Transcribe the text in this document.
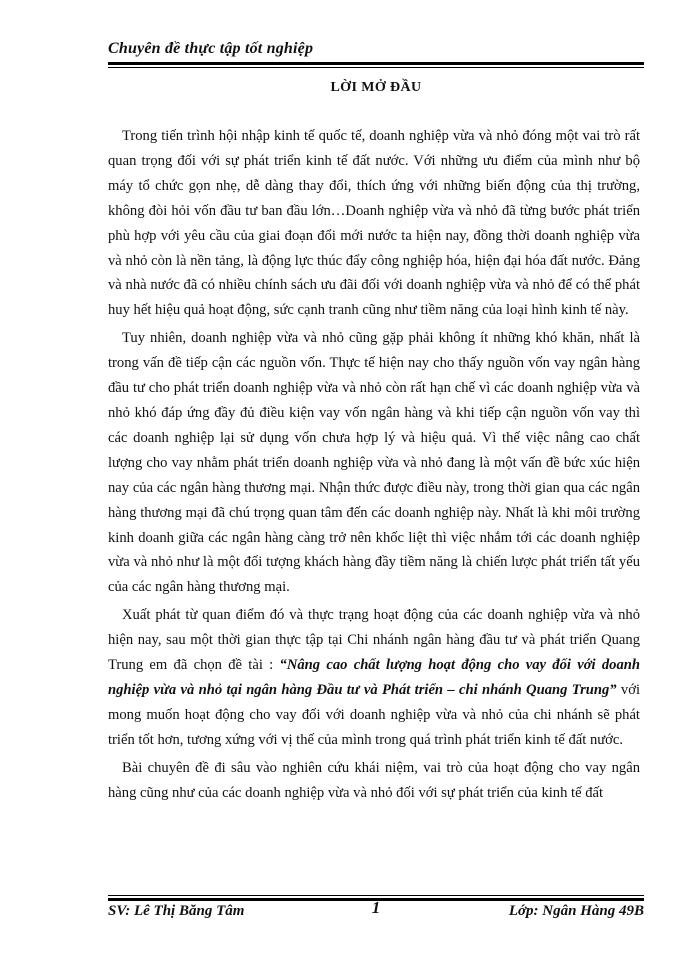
Chuyên đề thực tập tốt nghiệp
LỜI MỞ ĐẦU

Trong tiến trình hội nhập kinh tế quốc tế, doanh nghiệp vừa và nhỏ đóng một vai trò rất quan trọng đối với sự phát triển kinh tế đất nước. Với những ưu điểm của mình như bộ máy tổ chức gọn nhẹ, dễ dàng thay đổi, thích ứng với những biến động của thị trường, không đòi hỏi vốn đầu tư ban đầu lớn…Doanh nghiệp vừa và nhỏ đã từng bước phát triển phù hợp với yêu cầu của giai đoạn đổi mới nước ta hiện nay, đồng thời doanh nghiệp vừa và nhỏ còn là nền tảng, là động lực thúc đẩy công nghiệp hóa, hiện đại hóa đất nước. Đảng và nhà nước đã có nhiều chính sách ưu đãi đối với doanh nghiệp vừa và nhỏ để có thể phát huy hết hiệu quả hoạt động, sức cạnh tranh cũng như tiềm năng của loại hình kinh tế này.

Tuy nhiên, doanh nghiệp vừa và nhỏ cũng gặp phải không ít những khó khăn, nhất là trong vấn đề tiếp cận các nguồn vốn. Thực tế hiện nay cho thấy nguồn vốn vay ngân hàng đầu tư cho phát triển doanh nghiệp vừa và nhỏ còn rất hạn chế vì các doanh nghiệp vừa và nhỏ khó đáp ứng đầy đủ điều kiện vay vốn ngân hàng và khi tiếp cận nguồn vốn vay thì các doanh nghiệp lại sử dụng vốn chưa hợp lý và hiệu quả. Vì thế việc nâng cao chất lượng cho vay nhằm phát triển doanh nghiệp vừa và nhỏ đang là một vấn đề bức xúc hiện nay của các ngân hàng thương mại. Nhận thức được điều này, trong thời gian qua các ngân hàng thương mại đã chú trọng quan tâm đến các doanh nghiệp này. Nhất là khi môi trường kinh doanh giữa các ngân hàng càng trở nên khốc liệt thì việc nhắm tới các doanh nghiệp vừa và nhỏ như là một đối tượng khách hàng đầy tiềm năng là chiến lược phát triển tất yếu của các ngân hàng thương mại.

Xuất phát từ quan điểm đó và thực trạng hoạt động của các doanh nghiệp vừa và nhỏ hiện nay, sau một thời gian thực tập tại Chi nhánh ngân hàng đầu tư và phát triển Quang Trung em đã chọn đề tài : “Nâng cao chất lượng hoạt động cho vay đối với doanh nghiệp vừa và nhỏ tại ngân hàng Đầu tư và Phát triển – chi nhánh Quang Trung” với mong muốn hoạt động cho vay đối với doanh nghiệp vừa và nhỏ của chi nhánh sẽ phát triển tốt hơn, tương xứng với vị thế của mình trong quá trình phát triển kinh tế đất nước.

Bài chuyên đề đi sâu vào nghiên cứu khái niệm, vai trò của hoạt động cho vay ngân hàng cũng như của các doanh nghiệp vừa và nhỏ đối với sự phát triển của kinh tế đất

SV: Lê Thị Băng Tâm	1	Lớp: Ngân Hàng 49B
